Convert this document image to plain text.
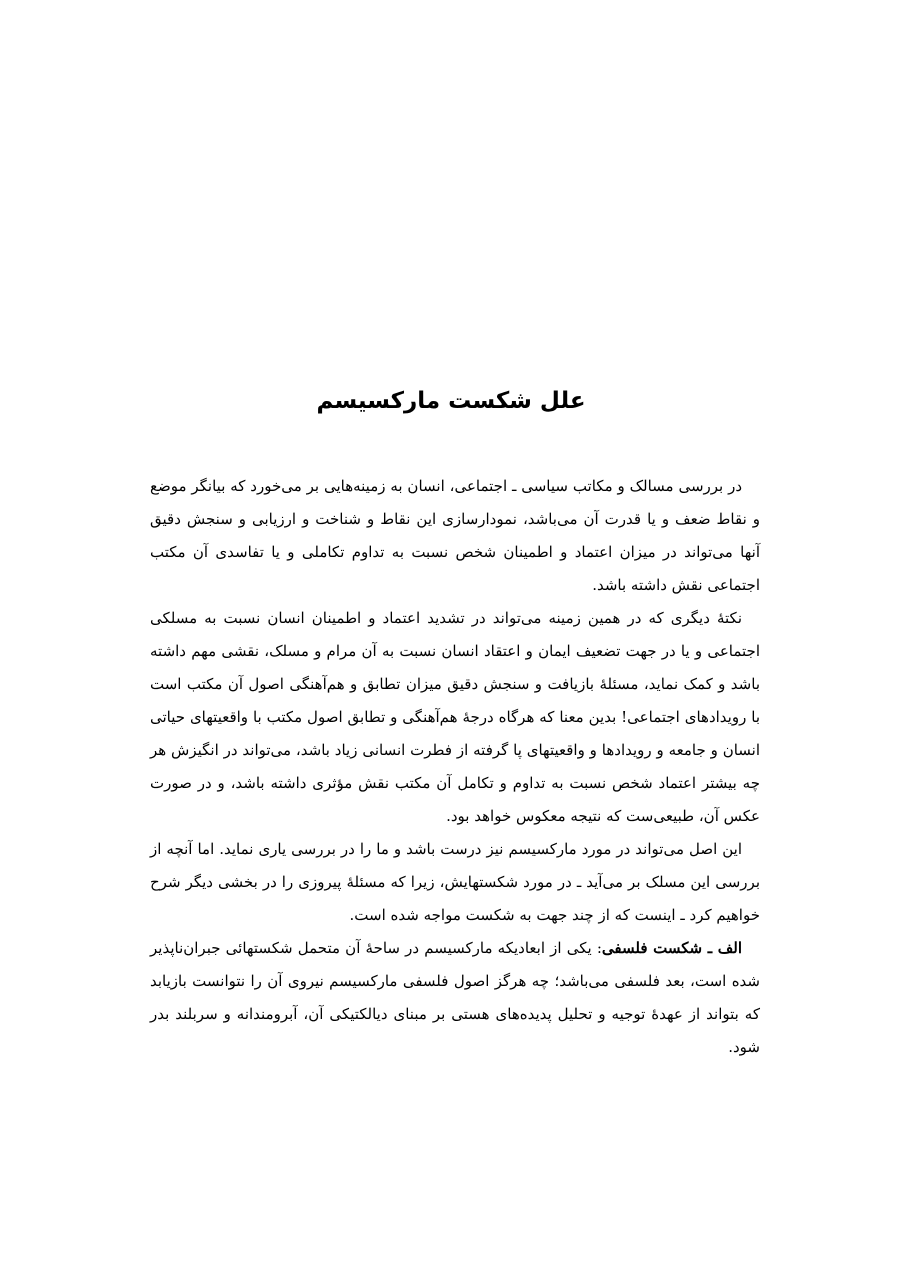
علل شکست مارکسیسم

در بررسی مسالک و مکاتب سیاسی ـ اجتماعی، انسان به زمینه‌هایی بر می‌خورد که بیانگر موضع و نقاط ضعف و یا قدرت آن می‌باشد، نمودارسازی این نقاط و شناخت و ارزیابی و سنجش دقیق آنها می‌تواند در میزان اعتماد و اطمینان شخص نسبت به تداوم تکاملی و یا تفاسدی آن مکتب اجتماعی نقش داشته باشد.

نکتهٔ دیگری که در همین زمینه می‌تواند در تشدید اعتماد و اطمینان انسان نسبت به مسلکی اجتماعی و یا در جهت تضعیف ایمان و اعتقاد انسان نسبت به آن مرام و مسلک، نقشی مهم داشته باشد و کمک نماید، مسئلهٔ بازیافت و سنجش دقیق میزان تطابق و هم‌آهنگی اصول آن مکتب است با رویدادهای اجتماعی! بدین معنا که هرگاه درجهٔ هم‌آهنگی و تطابق اصول مکتب با واقعیتهای حیاتی انسان و جامعه و رویدادها و واقعیتهای پا گرفته از فطرت انسانی زیاد باشد، می‌تواند در انگیزش هر چه بیشتر اعتماد شخص نسبت به تداوم و تکامل آن مکتب نقش مؤثری داشته باشد، و در صورت عکس آن، طبیعی‌ست که نتیجه معکوس خواهد بود.

این اصل می‌تواند در مورد مارکسیسم نیز درست باشد و ما را در بررسی یاری نماید. اما آنچه از بررسی این مسلک بر می‌آید ـ در مورد شکستهایش، زیرا که مسئلهٔ پیروزی را در بخشی دیگر شرح خواهیم کرد ـ اینست که از چند جهت به شکست مواجه شده است.

الف ـ شکست فلسفی: یکی از ابعادیکه مارکسیسم در ساحهٔ آن متحمل شکستهائی جبران‌ناپذیر شده است، بعد فلسفی می‌باشد؛ چه هرگز اصول فلسفی مارکسیسم نیروی آن را نتوانست بازیابد که بتواند از عهدهٔ توجیه و تحلیل پدیده‌های هستی بر مبنای دیالکتیکی آن، آبرومندانه و سربلند بدر شود.
